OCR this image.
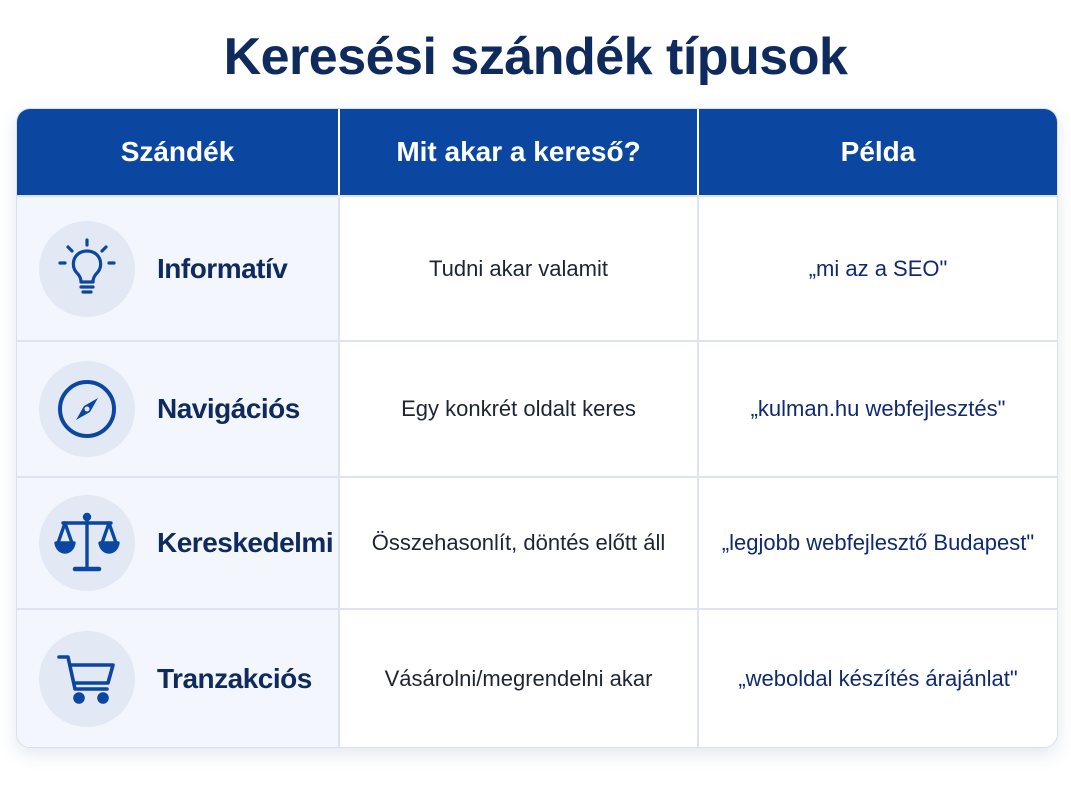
Keresési szándék típusok
Szándék	Mit akar a kereső?	Példa
Informatív	Tudni akar valamit	„mi az a SEO"
Navigációs	Egy konkrét oldalt keres	„kulman.hu webfejlesztés"
Kereskedelmi	Összehasonlít, döntés előtt áll	„legjobb webfejlesztő Budapest"
Tranzakciós	Vásárolni/megrendelni akar	„weboldal készítés árajánlat"
